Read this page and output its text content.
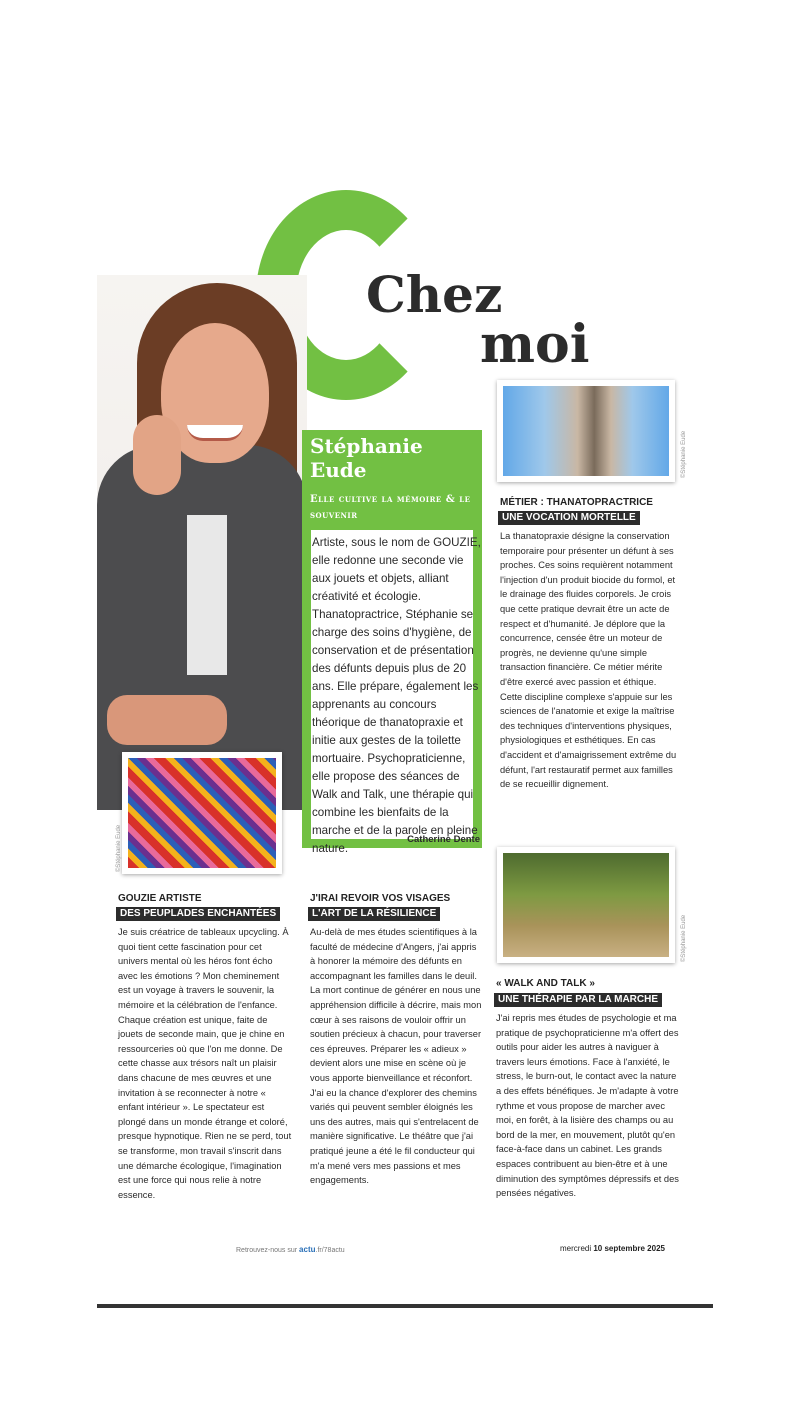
Chez
moi
©Stéphanie Eude
Stéphanie Eude
Elle cultive la mémoire & le souvenir
Artiste, sous le nom de GOUZIE, elle redonne une seconde vie aux jouets et objets, alliant créativité et écologie. Thanatopractrice, Stéphanie se charge des soins d'hygiène, de conservation et de présentation des défunts depuis plus de 20 ans. Elle prépare, également les apprenants au concours théorique de thanatopraxie et initie aux gestes de la toilette mortuaire. Psychopraticienne, elle propose des séances de Walk and Talk, une thérapie qui combine les bienfaits de la marche et de la parole en pleine nature.
Catherine Dente
©Stéphanie Eude
MÉTIER : THANATOPRACTRICE
UNE VOCATION MORTELLE
La thanatopraxie désigne la conservation temporaire pour présenter un défunt à ses proches. Ces soins requièrent notamment l'injection d'un produit biocide du formol, et le drainage des fluides corporels. Je crois que cette pratique devrait être un acte de respect et d'humanité. Je déplore que la concurrence, censée être un moteur de progrès, ne devienne qu'une simple transaction financière. Ce métier mérite d'être exercé avec passion et éthique. Cette discipline complexe s'appuie sur les sciences de l'anatomie et exige la maîtrise des techniques d'interventions physiques, physiologiques et esthétiques. En cas d'accident et d'amaigrissement extrême du défunt, l'art restauratif permet aux familles de se recueillir dignement.
©Stéphanie Eude
GOUZIE ARTISTE
DES PEUPLADES ENCHANTÉES
Je suis créatrice de tableaux upcycling. À quoi tient cette fascination pour cet univers mental où les héros font écho avec les émotions ? Mon cheminement est un voyage à travers le souvenir, la mémoire et la célébration de l'enfance. Chaque création est unique, faite de jouets de seconde main, que je chine en ressourceries où que l'on me donne. De cette chasse aux trésors naît un plaisir dans chacune de mes œuvres et une invitation à se reconnecter à notre « enfant intérieur ». Le spectateur est plongé dans un monde étrange et coloré, presque hypnotique. Rien ne se perd, tout se transforme, mon travail s'inscrit dans une démarche écologique, l'imagination est une force qui nous relie à notre essence.
J'IRAI REVOIR VOS VISAGES
L'ART DE LA RÉSILIENCE
Au-delà de mes études scientifiques à la faculté de médecine d'Angers, j'ai appris à honorer la mémoire des défunts en accompagnant les familles dans le deuil. La mort continue de générer en nous une appréhension difficile à décrire, mais mon cœur à ses raisons de vouloir offrir un soutien précieux à chacun, pour traverser ces épreuves. Préparer les « adieux » devient alors une mise en scène où je vous apporte bienveillance et réconfort. J'ai eu la chance d'explorer des chemins variés qui peuvent sembler éloignés les uns des autres, mais qui s'entrelacent de manière significative. Le théâtre que j'ai pratiqué jeune a été le fil conducteur qui m'a mené vers mes passions et mes engagements.
« WALK AND TALK »
UNE THÉRAPIE PAR LA MARCHE
J'ai repris mes études de psychologie et ma pratique de psychopraticienne m'a offert des outils pour aider les autres à naviguer à travers leurs émotions. Face à l'anxiété, le stress, le burn-out, le contact avec la nature a des effets bénéfiques. Je m'adapte à votre rythme et vous propose de marcher avec moi, en forêt, à la lisière des champs ou au bord de la mer, en mouvement, plutôt qu'en face-à-face dans un cabinet. Les grands espaces contribuent au bien-être et à une diminution des symptômes dépressifs et des pensées négatives.
Retrouvez-nous sur actu.fr/78actu	mercredi 10 septembre 2025
